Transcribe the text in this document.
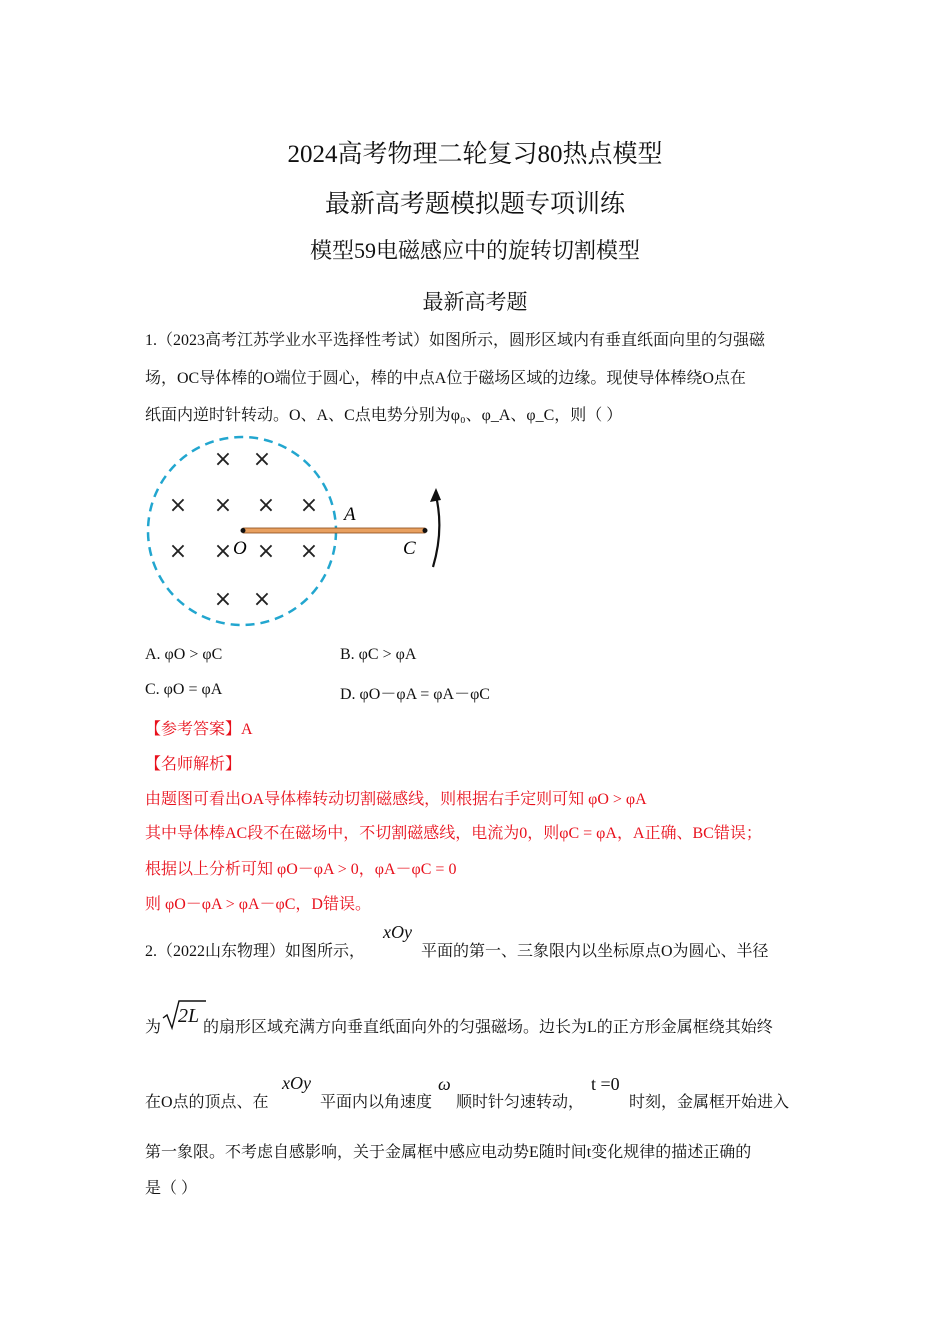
2024高考物理二轮复习80热点模型
最新高考题模拟题专项训练
模型59电磁感应中的旋转切割模型
最新高考题
1.（2023高考江苏学业水平选择性考试）如图所示，圆形区域内有垂直纸面向里的匀强磁
场，OC导体棒的O端位于圆心，棒的中点A位于磁场区域的边缘。现使导体棒绕O点在
纸面内逆时针转动。O、A、C点电势分别为φ₀、φ_A、φ_C，则（ ）
× ×
× × × ×
× × × ×
× ×
O
A
C
A. φO > φC	B. φC > φA
C. φO = φA	D. φO－φA = φA－φC
【参考答案】A
【名师解析】
由题图可看出OA导体棒转动切割磁感线，则根据右手定则可知 φO > φA
其中导体棒AC段不在磁场中，不切割磁感线，电流为0，则φC = φA，A正确、BC错误；
根据以上分析可知 φO－φA > 0，φA－φC = 0
则 φO－φA > φA－φC，D错误。
2.（2022山东物理）如图所示，
xOy
平面的第一、三象限内以坐标原点O为圆心、半径
为
2L
的扇形区域充满方向垂直纸面向外的匀强磁场。边长为L的正方形金属框绕其始终
在O点的顶点、在
xOy
平面内以角速度
ω
顺时针匀速转动，
t =0
时刻，金属框开始进入
第一象限。不考虑自感影响，关于金属框中感应电动势E随时间t变化规律的描述正确的
是（ ）
